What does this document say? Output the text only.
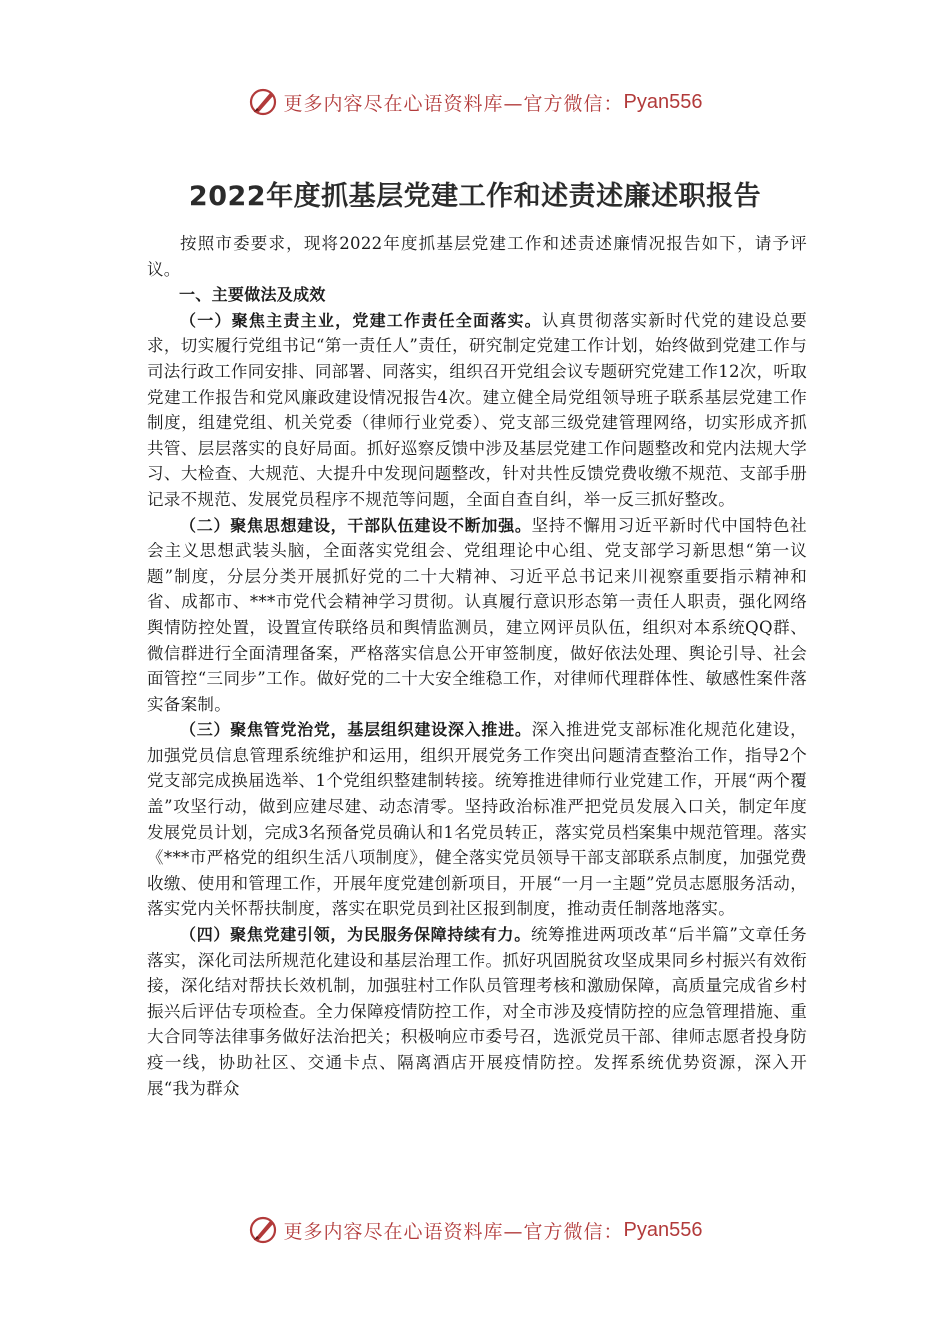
更多内容尽在心语资料库—官方微信： Pyan556
2022年度抓基层党建工作和述责述廉述职报告

按照市委要求，现将2022年度抓基层党建工作和述责述廉情况报告如下，请予评议。

一、主要做法及成效

（一）聚焦主责主业，党建工作责任全面落实。认真贯彻落实新时代党的建设总要求，切实履行党组书记“第一责任人”责任，研究制定党建工作计划，始终做到党建工作与司法行政工作同安排、同部署、同落实，组织召开党组会议专题研究党建工作12次，听取党建工作报告和党风廉政建设情况报告4次。建立健全局党组领导班子联系基层党建工作制度，组建党组、机关党委（律师行业党委）、党支部三级党建管理网络，切实形成齐抓共管、层层落实的良好局面。抓好巡察反馈中涉及基层党建工作问题整改和党内法规大学习、大检查、大规范、大提升中发现问题整改，针对共性反馈党费收缴不规范、支部手册记录不规范、发展党员程序不规范等问题，全面自查自纠，举一反三抓好整改。

（二）聚焦思想建设，干部队伍建设不断加强。坚持不懈用习近平新时代中国特色社会主义思想武装头脑，全面落实党组会、党组理论中心组、党支部学习新思想“第一议题”制度，分层分类开展抓好党的二十大精神、习近平总书记来川视察重要指示精神和省、成都市、***市党代会精神学习贯彻。认真履行意识形态第一责任人职责，强化网络舆情防控处置，设置宣传联络员和舆情监测员，建立网评员队伍，组织对本系统QQ群、微信群进行全面清理备案，严格落实信息公开审签制度，做好依法处理、舆论引导、社会面管控“三同步”工作。做好党的二十大安全维稳工作，对律师代理群体性、敏感性案件落实备案制。

（三）聚焦管党治党，基层组织建设深入推进。深入推进党支部标准化规范化建设，加强党员信息管理系统维护和运用，组织开展党务工作突出问题清查整治工作，指导2个党支部完成换届选举、1个党组织整建制转接。统筹推进律师行业党建工作，开展“两个覆盖”攻坚行动，做到应建尽建、动态清零。坚持政治标准严把党员发展入口关，制定年度发展党员计划，完成3名预备党员确认和1名党员转正，落实党员档案集中规范管理。落实《***市严格党的组织生活八项制度》，健全落实党员领导干部支部联系点制度，加强党费收缴、使用和管理工作，开展年度党建创新项目，开展“一月一主题”党员志愿服务活动，落实党内关怀帮扶制度，落实在职党员到社区报到制度，推动责任制落地落实。

（四）聚焦党建引领，为民服务保障持续有力。统筹推进两项改革“后半篇”文章任务落实，深化司法所规范化建设和基层治理工作。抓好巩固脱贫攻坚成果同乡村振兴有效衔接，深化结对帮扶长效机制，加强驻村工作队员管理考核和激励保障，高质量完成省乡村振兴后评估专项检查。全力保障疫情防控工作，对全市涉及疫情防控的应急管理措施、重大合同等法律事务做好法治把关；积极响应市委号召，选派党员干部、律师志愿者投身防疫一线，协助社区、交通卡点、隔离酒店开展疫情防控。发挥系统优势资源，深入开展“我为群众

更多内容尽在心语资料库—官方微信： Pyan556
